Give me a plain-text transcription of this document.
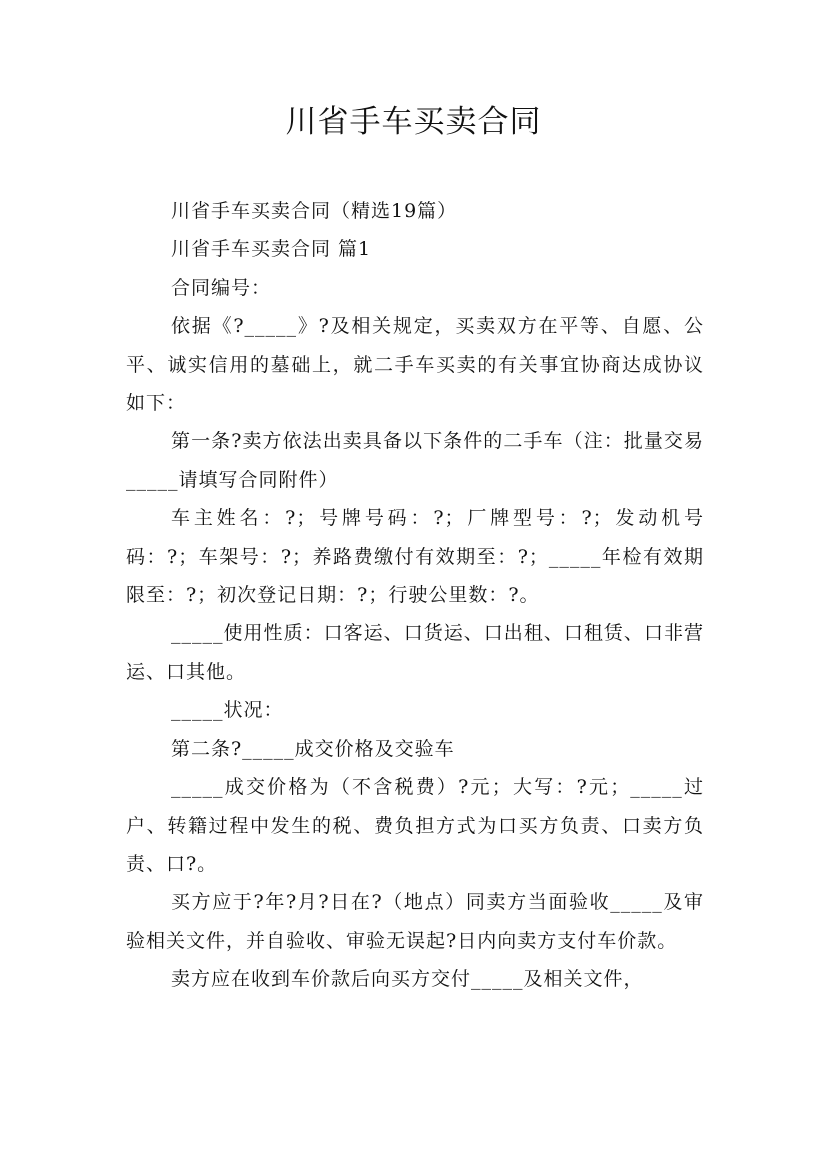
川省手车买卖合同

川省手车买卖合同（精选19篇）

川省手车买卖合同 篇1

合同编号：

依据《?_____》?及相关规定，买卖双方在平等、自愿、公平、诚实信用的墓础上，就二手车买卖的有关事宜协商达成协议如下：

第一条?卖方依法出卖具备以下条件的二手车（注：批量交易_____请填写合同附件）

车主姓名：?；号牌号码：?；厂牌型号：?；发动机号码：?；车架号：?；养路费缴付有效期至：?；_____年检有效期限至：?；初次登记日期：?；行驶公里数：?。

_____使用性质：口客运、口货运、口出租、口租赁、口非营运、口其他。

_____状况：

第二条?_____成交价格及交验车

_____成交价格为（不含税费）?元；大写：?元；_____过户、转籍过程中发生的税、费负担方式为口买方负责、口卖方负责、口?。

买方应于?年?月?日在?（地点）同卖方当面验收_____及审验相关文件，并自验收、审验无误起?日内向卖方支付车价款。

卖方应在收到车价款后向买方交付_____及相关文件，
